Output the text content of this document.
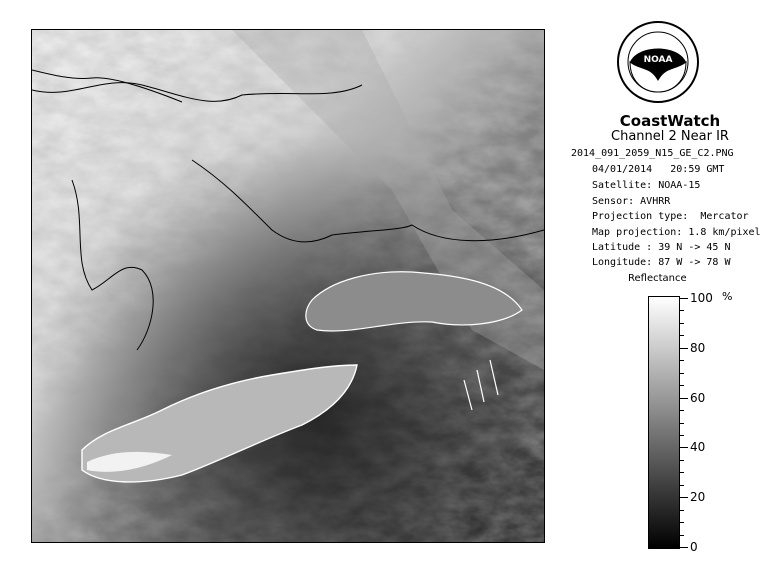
NOAA
CoastWatch
Channel 2 Near IR
2014_091_2059_N15_GE_C2.PNG
04/01/2014   20:59 GMT
Satellite: NOAA-15
Sensor: AVHRR
Projection type:  Mercator
Map projection: 1.8 km/pixel
Latitude : 39 N -> 45 N
Longitude: 87 W -> 78 W
Reflectance
%
100
80
60
40
20
0
